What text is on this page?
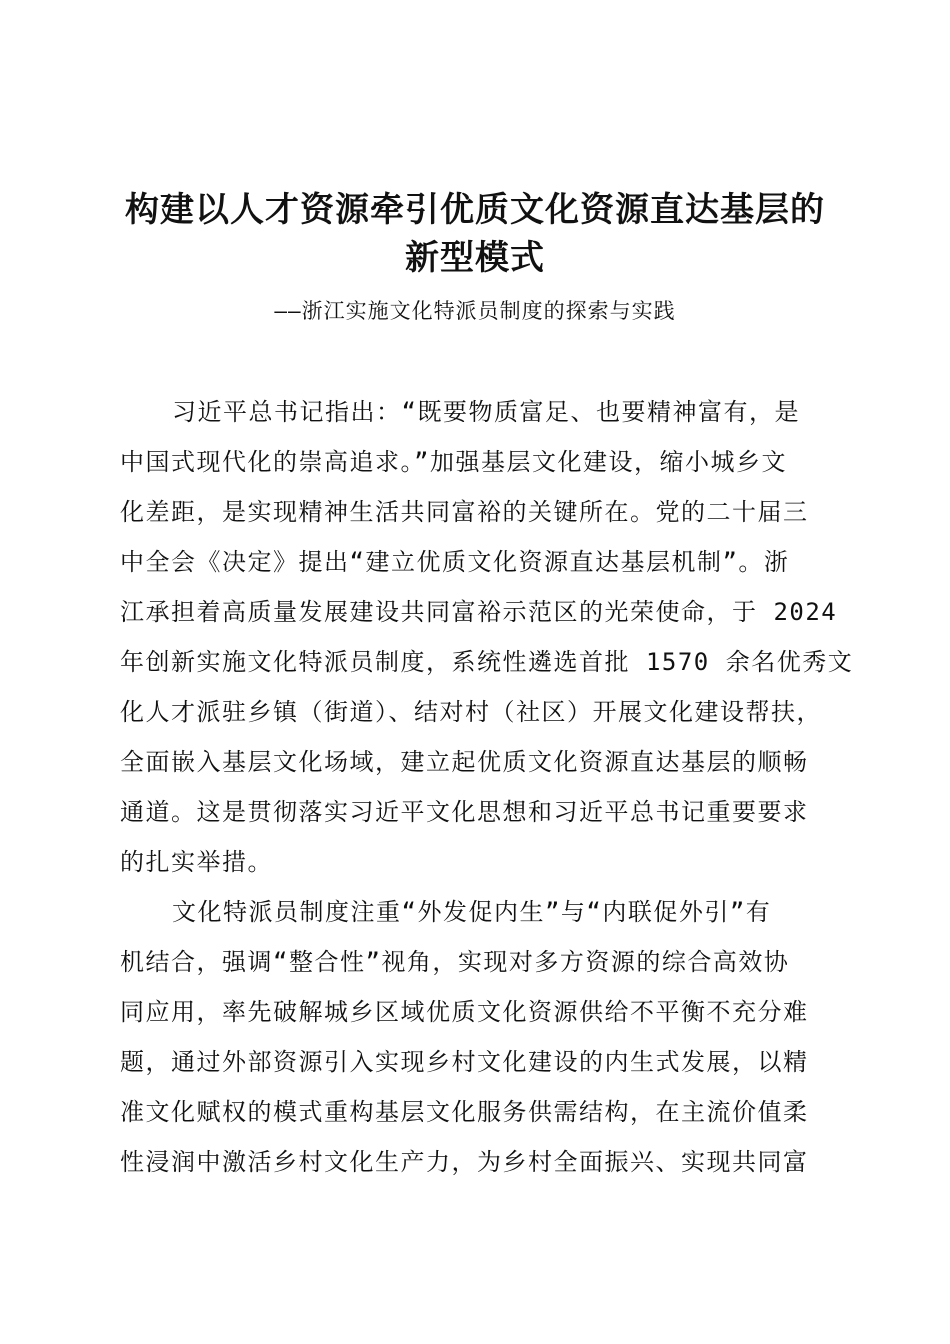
构建以人才资源牵引优质文化资源直达基层的
新型模式
——浙江实施文化特派员制度的探索与实践
习近平总书记指出：“既要物质富足、也要精神富有，是
中国式现代化的崇高追求。”加强基层文化建设，缩小城乡文
化差距，是实现精神生活共同富裕的关键所在。党的二十届三
中全会《决定》提出“建立优质文化资源直达基层机制”。浙
江承担着高质量发展建设共同富裕示范区的光荣使命，于 2024
年创新实施文化特派员制度，系统性遴选首批 1570 余名优秀文
化人才派驻乡镇（街道）、结对村（社区）开展文化建设帮扶，
全面嵌入基层文化场域，建立起优质文化资源直达基层的顺畅
通道。这是贯彻落实习近平文化思想和习近平总书记重要要求
的扎实举措。
文化特派员制度注重“外发促内生”与“内联促外引”有
机结合，强调“整合性”视角，实现对多方资源的综合高效协
同应用，率先破解城乡区域优质文化资源供给不平衡不充分难
题，通过外部资源引入实现乡村文化建设的内生式发展，以精
准文化赋权的模式重构基层文化服务供需结构，在主流价值柔
性浸润中激活乡村文化生产力，为乡村全面振兴、实现共同富
